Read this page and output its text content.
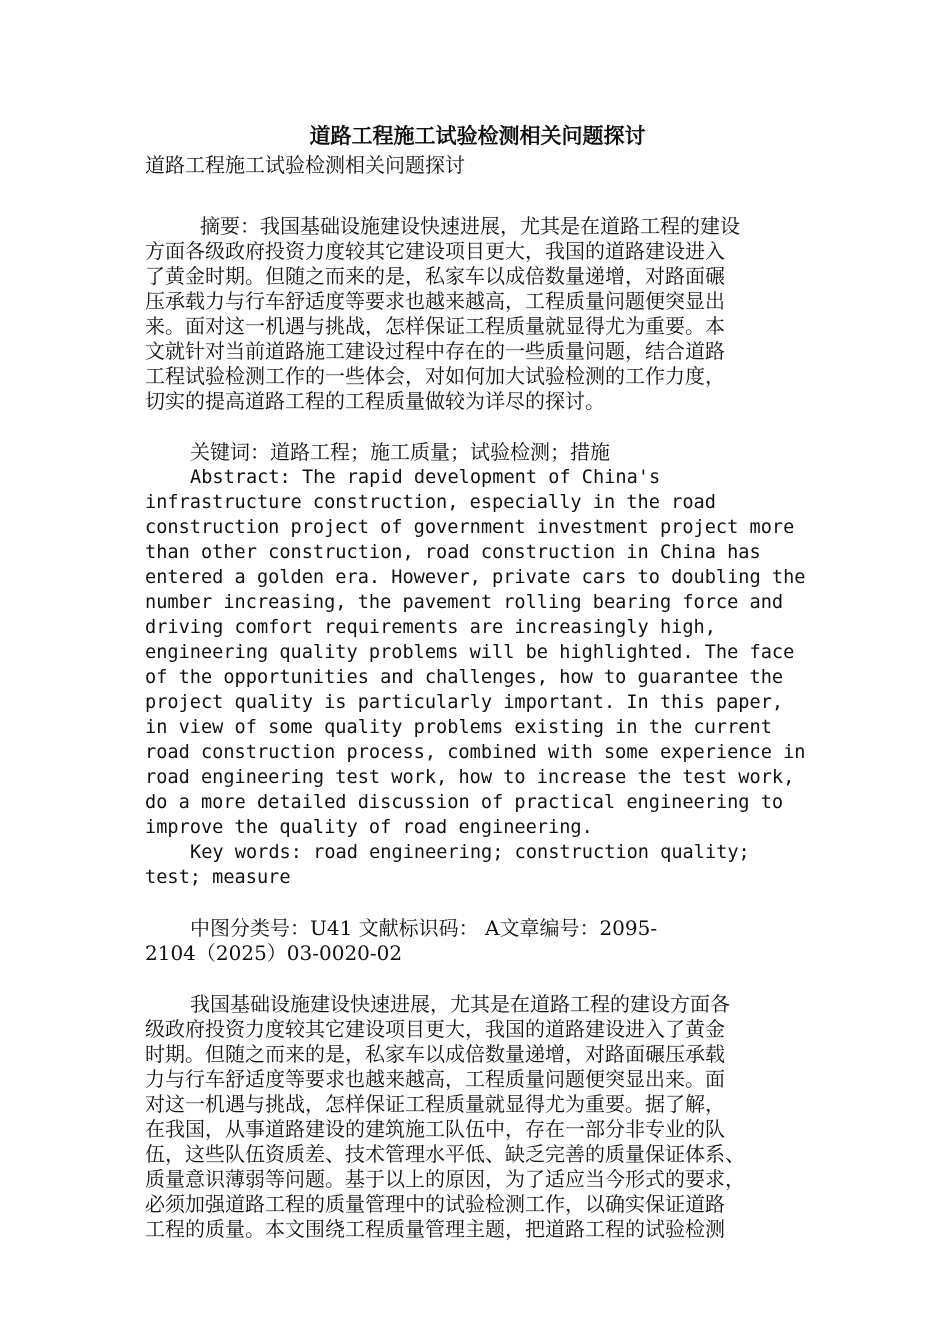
道路工程施工试验检测相关问题探讨

道路工程施工试验检测相关问题探讨

摘要：我国基础设施建设快速进展，尤其是在道路工程的建设

方面各级政府投资力度较其它建设项目更大，我国的道路建设进入

了黄金时期。但随之而来的是，私家车以成倍数量递增，对路面碾

压承载力与行车舒适度等要求也越来越高，工程质量问题便突显出

来。面对这一机遇与挑战，怎样保证工程质量就显得尤为重要。本

文就针对当前道路施工建设过程中存在的一些质量问题，结合道路

工程试验检测工作的一些体会，对如何加大试验检测的工作力度，

切实的提高道路工程的工程质量做较为详尽的探讨。

关键词：道路工程；施工质量；试验检测；措施

Abstract: The rapid development of China's

infrastructure construction, especially in the road

construction project of government investment project more

than other construction, road construction in China has

entered a golden era. However, private cars to doubling the

number increasing, the pavement rolling bearing force and

driving comfort requirements are increasingly high,

engineering quality problems will be highlighted. The face

of the opportunities and challenges, how to guarantee the

project quality is particularly important. In this paper,

in view of some quality problems existing in the current

road construction process, combined with some experience in

road engineering test work, how to increase the test work,

do a more detailed discussion of practical engineering to

improve the quality of road engineering.

Key words: road engineering; construction quality;

test; measure

中图分类号：U41 文献标识码： A文章编号：2095-

2104（2025）03-0020-02

我国基础设施建设快速进展，尤其是在道路工程的建设方面各

级政府投资力度较其它建设项目更大，我国的道路建设进入了黄金

时期。但随之而来的是，私家车以成倍数量递增，对路面碾压承载

力与行车舒适度等要求也越来越高，工程质量问题便突显出来。面

对这一机遇与挑战，怎样保证工程质量就显得尤为重要。据了解，

在我国，从事道路建设的建筑施工队伍中，存在一部分非专业的队

伍，这些队伍资质差、技术管理水平低、缺乏完善的质量保证体系、

质量意识薄弱等问题。基于以上的原因，为了适应当今形式的要求，

必须加强道路工程的质量管理中的试验检测工作，以确实保证道路

工程的质量。本文围绕工程质量管理主题，把道路工程的试验检测
